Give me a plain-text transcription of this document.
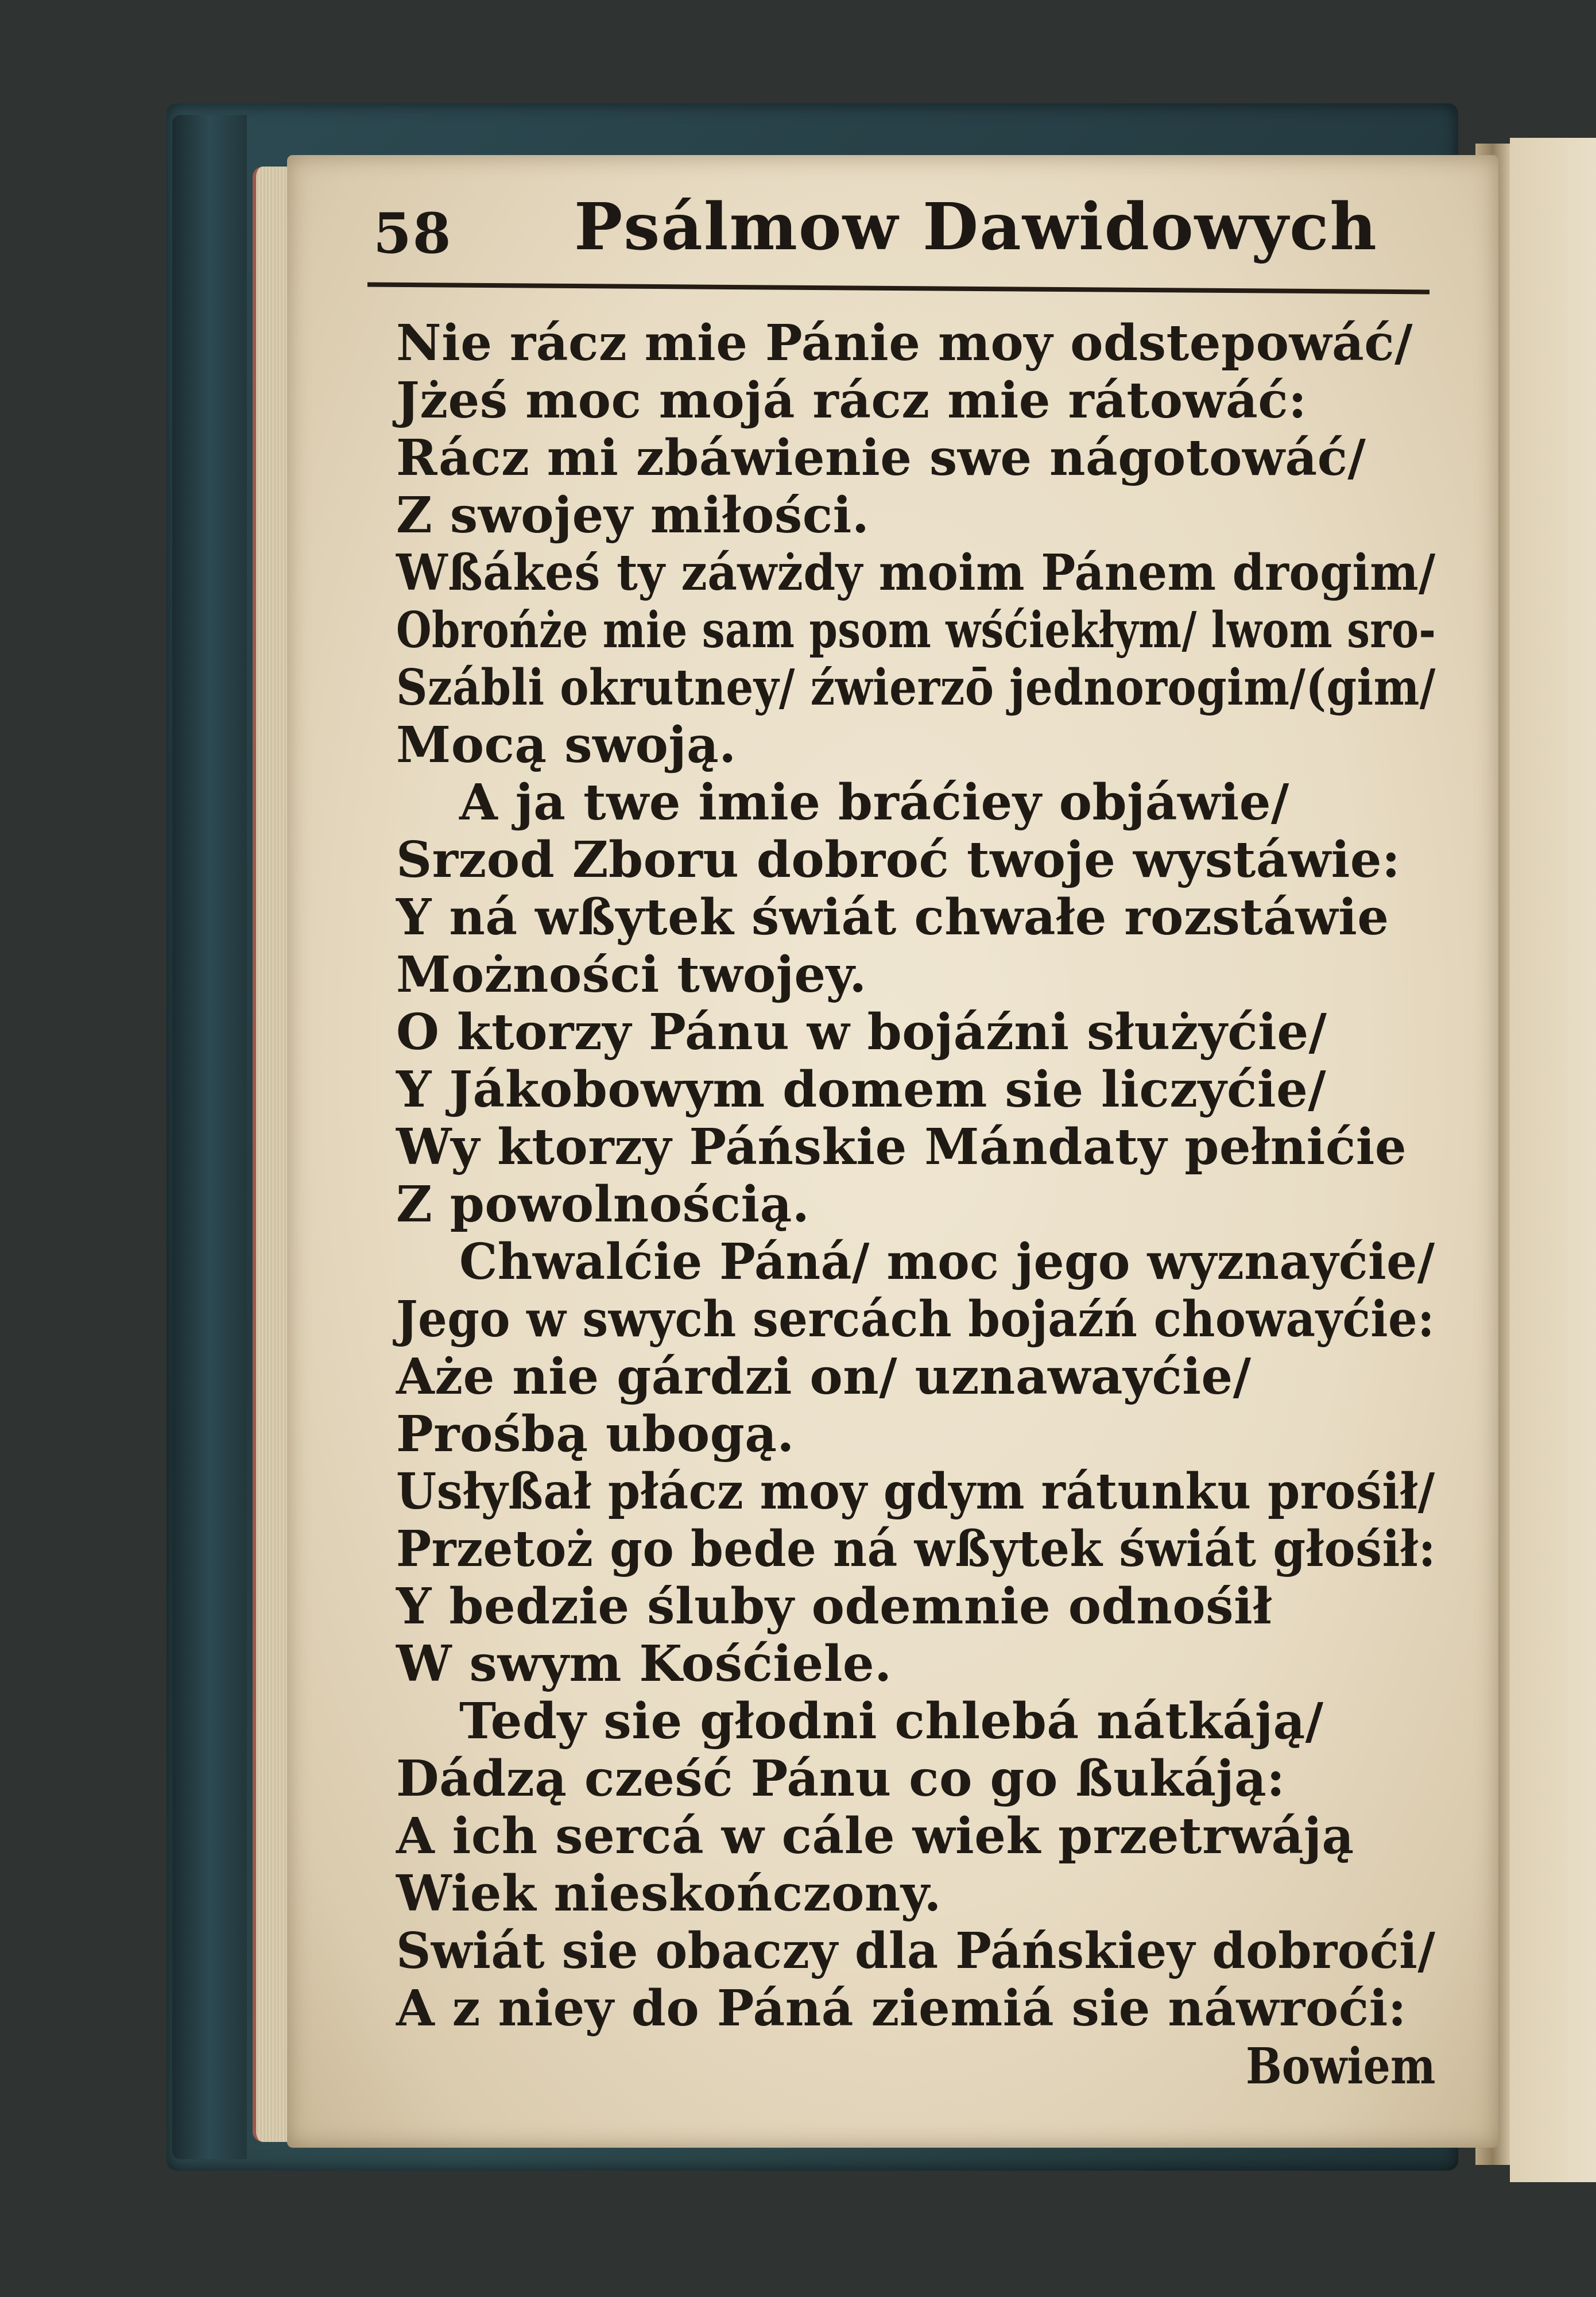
58 Psálmow Dawidowych
Nie rácz mie Pánie moy odstepowáć/
Jżeś moc mojá rácz mie rátowáć:
Rácz mi zbáwienie swe nágotowáć/
Z swojey miłości.
Wßákeś ty záwżdy moim Pánem drogim/
Obrońże mie sam psom wśćiekłym/ lwom sro-
Szábli okrutney/ źwierzō jednorogim/(gim/
Mocą swoją.
A ja twe imie bráćiey objáwie/
Srzod Zboru dobroć twoje wystáwie:
Y ná wßytek świát chwałe rozstáwie
Możności twojey.
O ktorzy Pánu w bojáźni służyćie/
Y Jákobowym domem sie liczyćie/
Wy ktorzy Páńskie Mándaty pełnićie
Z powolnością.
Chwalćie Páná/ moc jego wyznayćie/
Jego w swych sercách bojaźń chowayćie:
Aże nie gárdzi on/ uznawayćie/
Prośbą ubogą.
Usłyßał płácz moy gdym rátunku prośił/
Przetoż go bede ná wßytek świát głośił:
Y bedzie śluby odemnie odnośił
W swym Kośćiele.
Tedy sie głodni chlebá nátkáją/
Dádzą cześć Pánu co go ßukáją:
A ich sercá w cále wiek przetrwáją
Wiek nieskończony.
Swiát sie obaczy dla Páńskiey dobroći/
A z niey do Páná ziemiá sie náwroći:
Bowiem
